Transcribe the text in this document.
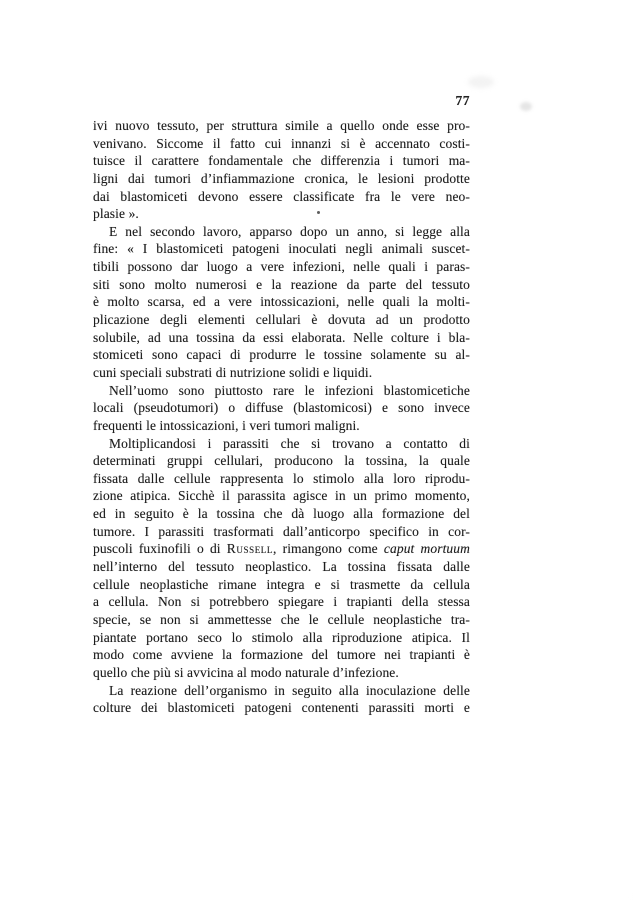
77
ivi nuovo tessuto, per struttura simile a quello onde esse pro-
venivano. Siccome il fatto cui innanzi si è accennato costi-
tuisce il carattere fondamentale che differenzia i tumori ma-
ligni dai tumori d’infiammazione cronica, le lesioni prodotte
dai blastomiceti devono essere classificate fra le vere neo-
plasie ».
E nel secondo lavoro, apparso dopo un anno, si legge alla
fine: « I blastomiceti patogeni inoculati negli animali suscet-
tibili possono dar luogo a vere infezioni, nelle quali i paras-
siti sono molto numerosi e la reazione da parte del tessuto
è molto scarsa, ed a vere intossicazioni, nelle quali la molti-
plicazione degli elementi cellulari è dovuta ad un prodotto
solubile, ad una tossina da essi elaborata. Nelle colture i bla-
stomiceti sono capaci di produrre le tossine solamente su al-
cuni speciali substrati di nutrizione solidi e liquidi.
Nell’uomo sono piuttosto rare le infezioni blastomicetiche
locali (pseudotumori) o diffuse (blastomicosi) e sono invece
frequenti le intossicazioni, i veri tumori maligni.
Moltiplicandosi i parassiti che si trovano a contatto di
determinati gruppi cellulari, producono la tossina, la quale
fissata dalle cellule rappresenta lo stimolo alla loro riprodu-
zione atipica. Sicchè il parassita agisce in un primo momento,
ed in seguito è la tossina che dà luogo alla formazione del
tumore. I parassiti trasformati dall’anticorpo specifico in cor-
puscoli fuxinofili o di Russell, rimangono come caput mortuum
nell’interno del tessuto neoplastico. La tossina fissata dalle
cellule neoplastiche rimane integra e si trasmette da cellula
a cellula. Non si potrebbero spiegare i trapianti della stessa
specie, se non si ammettesse che le cellule neoplastiche tra-
piantate portano seco lo stimolo alla riproduzione atipica. Il
modo come avviene la formazione del tumore nei trapianti è
quello che più si avvicina al modo naturale d’infezione.
La reazione dell’organismo in seguito alla inoculazione delle
colture dei blastomiceti patogeni contenenti parassiti morti e
